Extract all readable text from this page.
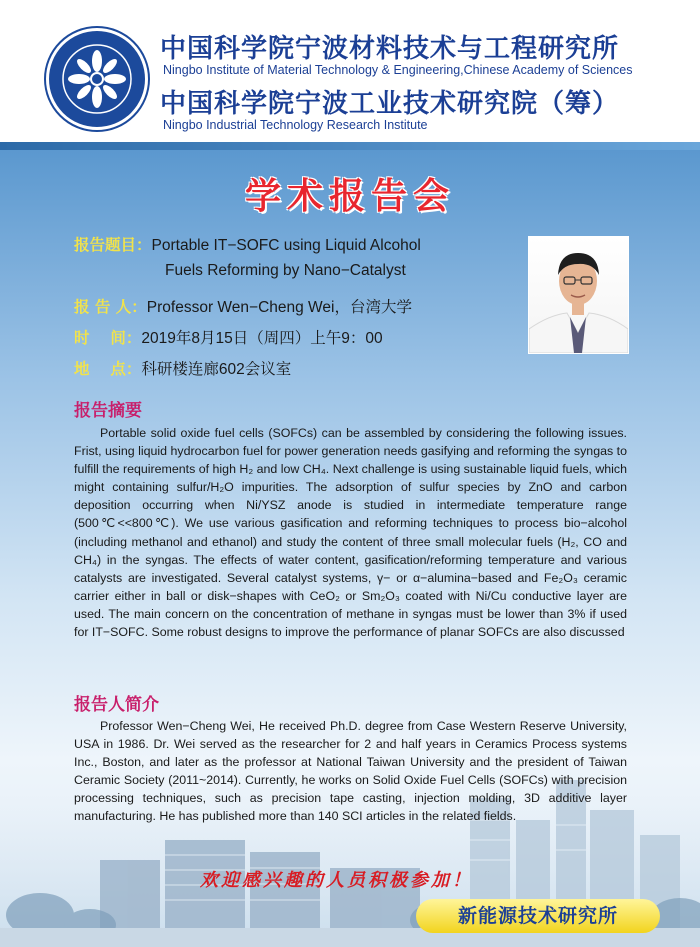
中国科学院宁波材料技术与工程研究所
Ningbo Institute of Material Technology & Engineering,Chinese Academy of Sciences
中国科学院宁波工业技术研究院（筹）
Ningbo Industrial Technology Research Institute
学术报告会
报告题目：Portable IT−SOFC using Liquid Alcohol
Fuels Reforming by Nano−Catalyst
报 告 人：Professor Wen−Cheng Wei，台湾大学
时　 间：2019年8月15日（周四）上午9：00
地　 点：科研楼连廊602会议室
报告摘要
Portable solid oxide fuel cells (SOFCs) can be assembled by considering the following issues. Frist, using liquid hydrocarbon fuel for power generation needs gasifying and reforming the syngas to fulfill the requirements of high H₂ and low CH₄. Next challenge is using sustainable liquid fuels, which might containing sulfur/H₂O impurities. The adsorption of sulfur species by ZnO and carbon deposition occurring when Ni/YSZ anode is studied in intermediate temperature range (500℃<<800℃). We use various gasification and reforming techniques to process bio−alcohol (including methanol and ethanol) and study the content of three small molecular fuels (H₂, CO and CH₄) in the syngas. The effects of water content, gasification/reforming temperature and various catalysts are investigated. Several catalyst systems, γ− or α−alumina−based and Fe₂O₃ ceramic carrier either in ball or disk−shapes with CeO₂ or Sm₂O₃ coated with Ni/Cu conductive layer are used. The main concern on the concentration of methane in syngas must be lower than 3% if used for IT−SOFC. Some robust designs to improve the performance of planar SOFCs are also discussed
报告人简介
Professor Wen−Cheng Wei, He received Ph.D. degree from Case Western Reserve University, USA in 1986. Dr. Wei served as the researcher for 2 and half years in Ceramics Process systems Inc., Boston, and later as the professor at National Taiwan University and the president of Taiwan Ceramic Society (2011~2014). Currently, he works on Solid Oxide Fuel Cells (SOFCs) with precision processing techniques, such as precision tape casting, injection molding, 3D additive layer manufacturing. He has published more than 140 SCI articles in the related fields.
欢迎感兴趣的人员积极参加！
新能源技术研究所
